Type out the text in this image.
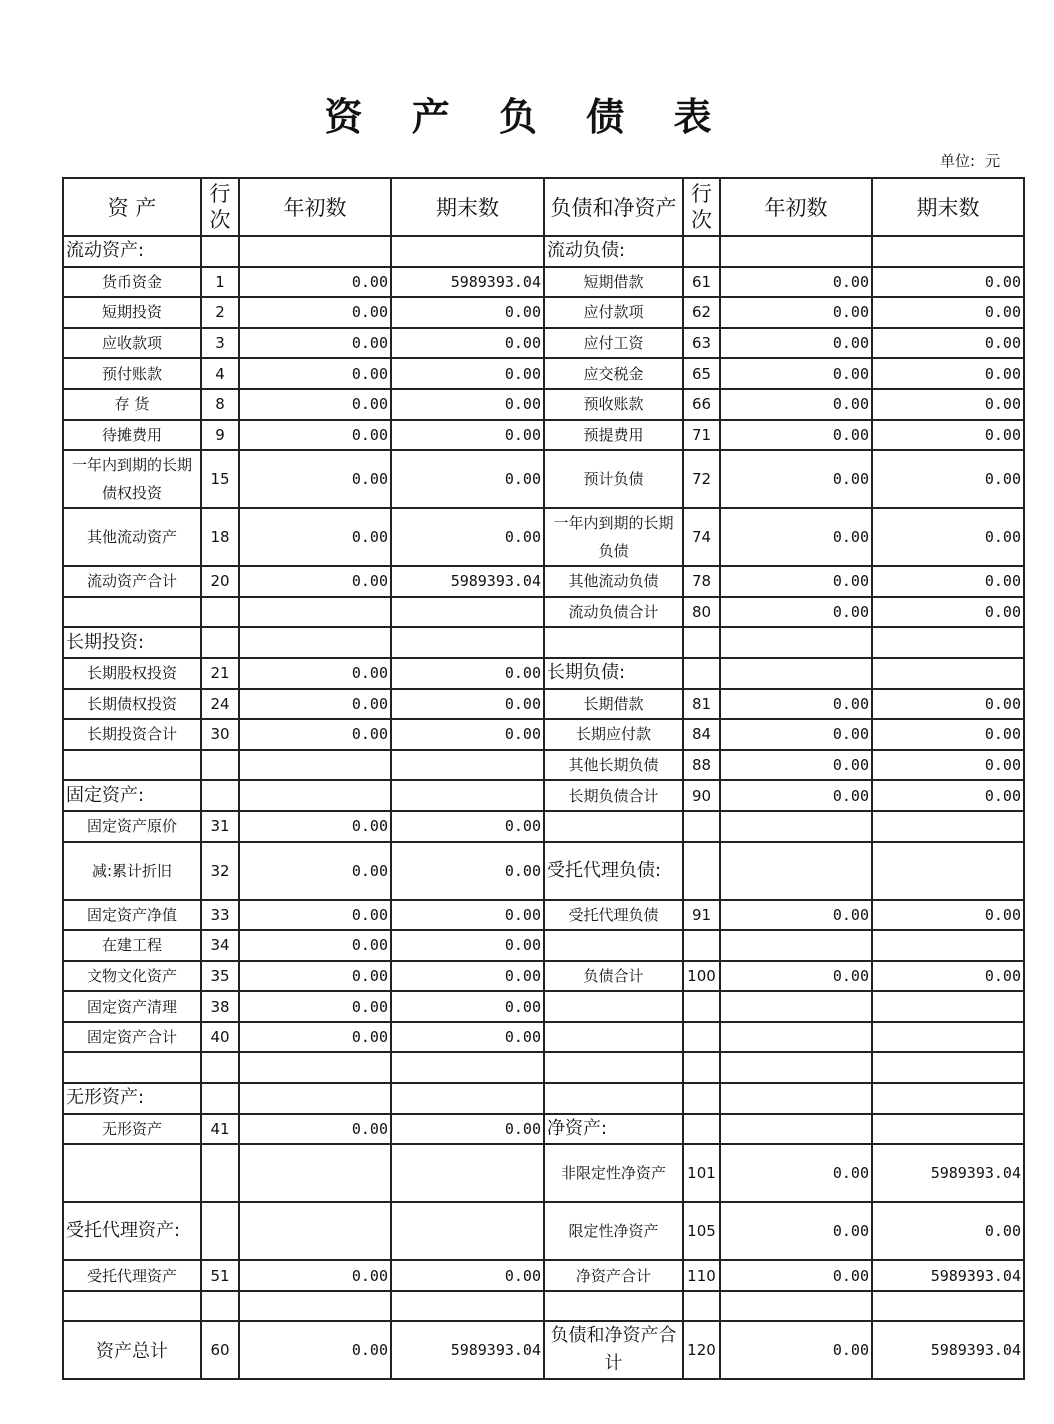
资 产 负 债 表
单位: 元
资 产	行次	年初数	期末数	负债和净资产	行次	年初数	期末数
流动资产:				流动负债:			
货币资金	1	0.00	5989393.04	短期借款	61	0.00	0.00
短期投资	2	0.00	0.00	应付款项	62	0.00	0.00
应收款项	3	0.00	0.00	应付工资	63	0.00	0.00
预付账款	4	0.00	0.00	应交税金	65	0.00	0.00
存 货	8	0.00	0.00	预收账款	66	0.00	0.00
待摊费用	9	0.00	0.00	预提费用	71	0.00	0.00
一年内到期的长期债权投资	15	0.00	0.00	预计负债	72	0.00	0.00
其他流动资产	18	0.00	0.00	一年内到期的长期负债	74	0.00	0.00
流动资产合计	20	0.00	5989393.04	其他流动负债	78	0.00	0.00
				流动负债合计	80	0.00	0.00
长期投资:							
长期股权投资	21	0.00	0.00	长期负债:			
长期债权投资	24	0.00	0.00	长期借款	81	0.00	0.00
长期投资合计	30	0.00	0.00	长期应付款	84	0.00	0.00
				其他长期负债	88	0.00	0.00
固定资产:				长期负债合计	90	0.00	0.00
固定资产原价	31	0.00	0.00				
减:累计折旧	32	0.00	0.00	受托代理负债:			
固定资产净值	33	0.00	0.00	受托代理负债	91	0.00	0.00
在建工程	34	0.00	0.00				
文物文化资产	35	0.00	0.00	负债合计	100	0.00	0.00
固定资产清理	38	0.00	0.00				
固定资产合计	40	0.00	0.00				

无形资产:							
无形资产	41	0.00	0.00	净资产:			
				非限定性净资产	101	0.00	5989393.04
受托代理资产:				限定性净资产	105	0.00	0.00
受托代理资产	51	0.00	0.00	净资产合计	110	0.00	5989393.04

资产总计	60	0.00	5989393.04	负债和净资产合计	120	0.00	5989393.04
